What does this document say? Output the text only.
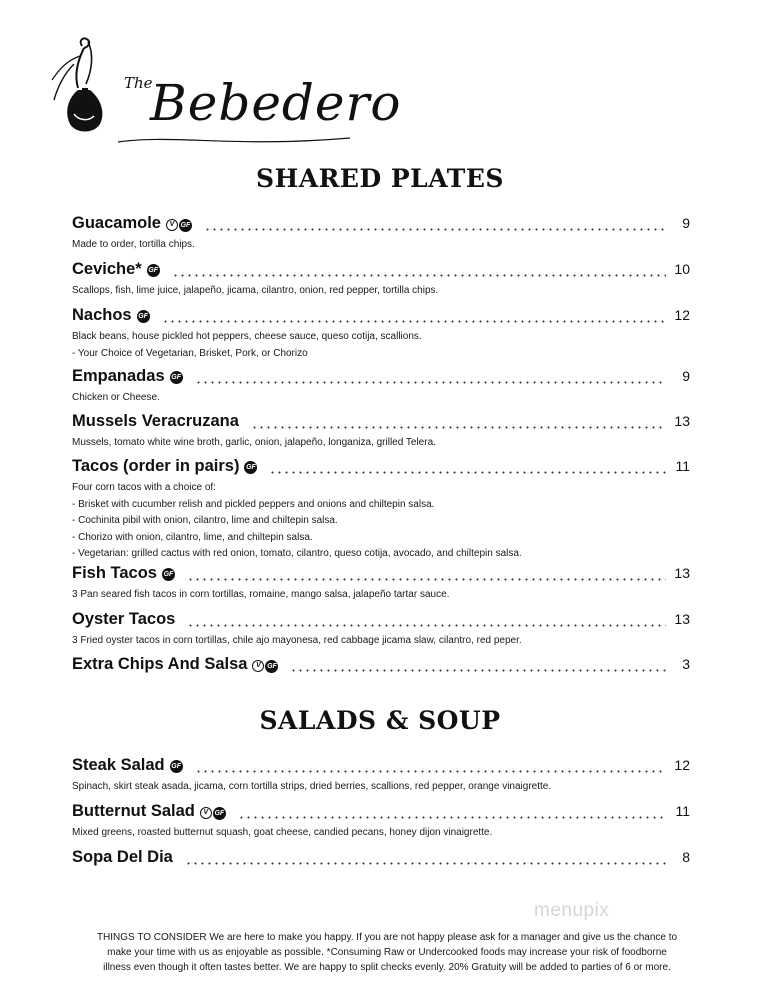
The
Bebedero
SHARED PLATES
Guacamole	V GF	9
Made to order, tortilla chips.
Ceviche* GF	10
Scallops, fish, lime juice, jalapeño, jicama, cilantro, onion, red pepper, tortilla chips.
Nachos GF	12
Black beans, house pickled hot peppers, cheese sauce, queso cotija, scallions.
- Your Choice of Vegetarian, Brisket, Pork, or Chorizo
Empanadas GF	9
Chicken or Cheese.
Mussels Veracruzana	13
Mussels, tomato white wine broth, garlic, onion, jalapeño, longaniza, grilled Telera.
Tacos (order in pairs) GF	11
Four corn tacos with a choice of:
- Brisket with cucumber relish and pickled peppers and onions and chiltepin salsa.
- Cochinita pibil with onion, cilantro, lime and chiltepin salsa.
- Chorizo with onion, cilantro, lime, and chiltepin salsa.
- Vegetarian: grilled cactus with red onion, tomato, cilantro, queso cotija, avocado, and chiltepin salsa.
Fish Tacos GF	13
3 Pan seared fish tacos in corn tortillas, romaine, mango salsa, jalapeño tartar sauce.
Oyster Tacos	13
3 Fried oyster tacos in corn tortillas, chile ajo mayonesa, red cabbage jicama slaw, cilantro, red peper.
Extra Chips And Salsa	V GF	3
SALADS & SOUP
Steak Salad GF	12
Spinach, skirt steak asada, jicama, corn tortilla strips, dried berries, scallions, red pepper, orange vinaigrette.
Butternut Salad	V GF	11
Mixed greens, roasted butternut squash, goat cheese, candied pecans, honey dijon vinaigrette.
Sopa Del Dia	8
menupix
THINGS TO CONSIDER We are here to make you happy. If you are not happy please ask for a manager and give us the chance to make your time with us as enjoyable as possible. *Consuming Raw or Undercooked foods may increase your risk of foodborne illness even though it often tastes better. We are happy to split checks evenly. 20% Gratuity will be added to parties of 6 or more.
